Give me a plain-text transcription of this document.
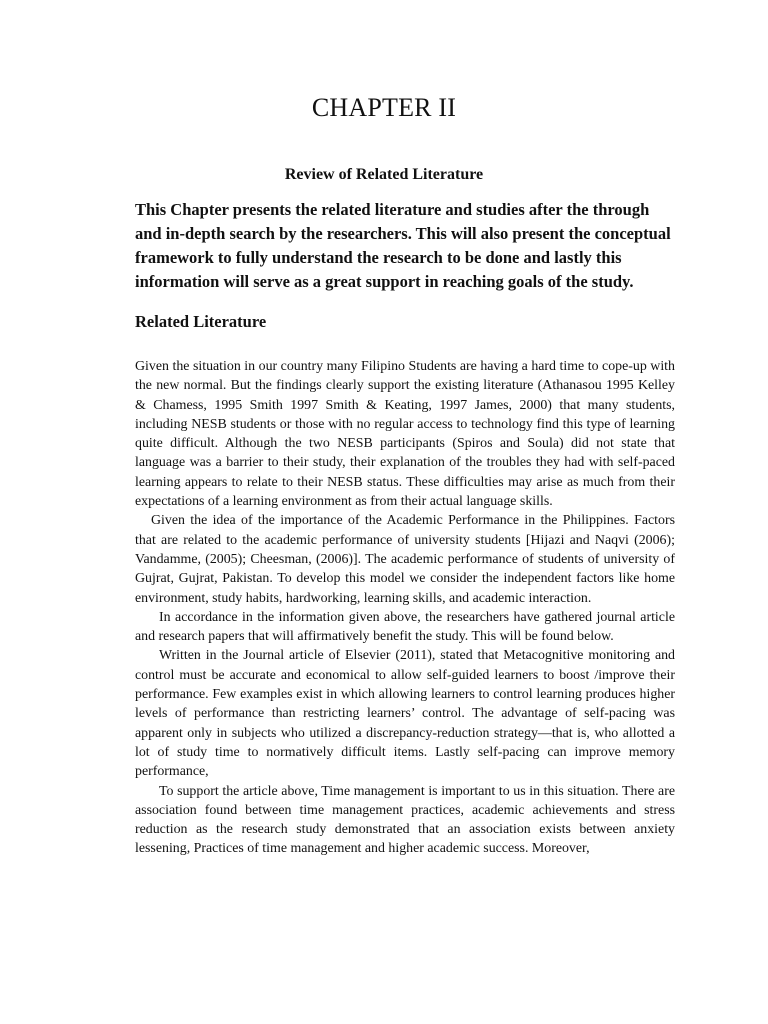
CHAPTER II
Review of Related Literature

This Chapter presents the related literature and studies after the through and in-depth search by the researchers. This will also present the conceptual framework to fully understand the research to be done and lastly this information will serve as a great support in reaching goals of the study.

Related Literature

Given the situation in our country many Filipino Students are having a hard time to cope-up with the new normal. But the findings clearly support the existing literature (Athanasou 1995 Kelley & Chamess, 1995 Smith 1997 Smith & Keating, 1997 James, 2000) that many students, including NESB students or those with no regular access to technology find this type of learning quite difficult. Although the two NESB participants (Spiros and Soula) did not state that language was a barrier to their study, their explanation of the troubles they had with self-paced learning appears to relate to their NESB status. These difficulties may arise as much from their expectations of a learning environment as from their actual language skills.

Given the idea of the importance of the Academic Performance in the Philippines. Factors that are related to the academic performance of university students [Hijazi and Naqvi (2006); Vandamme, (2005); Cheesman, (2006)]. The academic performance of students of university of Gujrat, Gujrat, Pakistan. To develop this model we consider the independent factors like home environment, study habits, hardworking, learning skills, and academic interaction.

In accordance in the information given above, the researchers have gathered journal article and research papers that will affirmatively benefit the study. This will be found below.

Written in the Journal article of Elsevier (2011), stated that Metacognitive monitoring and control must be accurate and economical to allow self-guided learners to boost /improve their performance. Few examples exist in which allowing learners to control learning produces higher levels of performance than restricting learners’ control. The advantage of self-pacing was apparent only in subjects who utilized a discrepancy-reduction strategy—that is, who allotted a lot of study time to normatively difficult items. Lastly self-pacing can improve memory performance,

To support the article above, Time management is important to us in this situation. There are association found between time management practices, academic achievements and stress reduction as the research study demonstrated that an association exists between anxiety lessening, Practices of time management and higher academic success. Moreover,
